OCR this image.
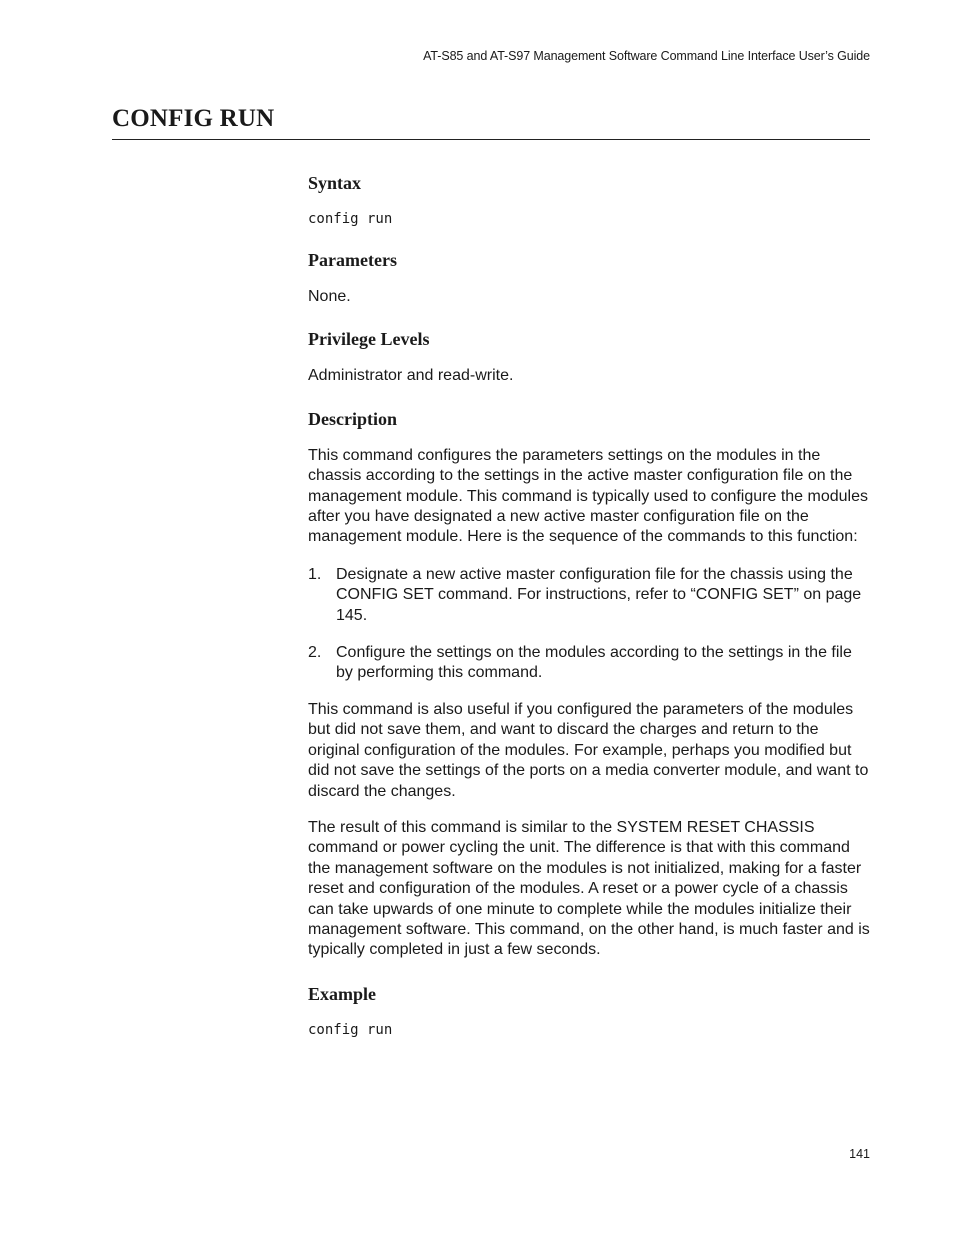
AT-S85 and AT-S97 Management Software Command Line Interface User’s Guide
CONFIG RUN
Syntax
config run
Parameters

None.

Privilege Levels

Administrator and read-write.

Description

This command configures the parameters settings on the modules in the chassis according to the settings in the active master configuration file on the management module. This command is typically used to configure the modules after you have designated a new active master configuration file on the management module. Here is the sequence of the commands to this function:

1. Designate a new active master configuration file for the chassis using the CONFIG SET command. For instructions, refer to “CONFIG SET” on page 145.
2. Configure the settings on the modules according to the settings in the file by performing this command.

This command is also useful if you configured the parameters of the modules but did not save them, and want to discard the charges and return to the original configuration of the modules. For example, perhaps you modified but did not save the settings of the ports on a media converter module, and want to discard the changes.

The result of this command is similar to the SYSTEM RESET CHASSIS command or power cycling the unit. The difference is that with this command the management software on the modules is not initialized, making for a faster reset and configuration of the modules. A reset or a power cycle of a chassis can take upwards of one minute to complete while the modules initialize their management software. This command, on the other hand, is much faster and is typically completed in just a few seconds.

Example
config run
141
